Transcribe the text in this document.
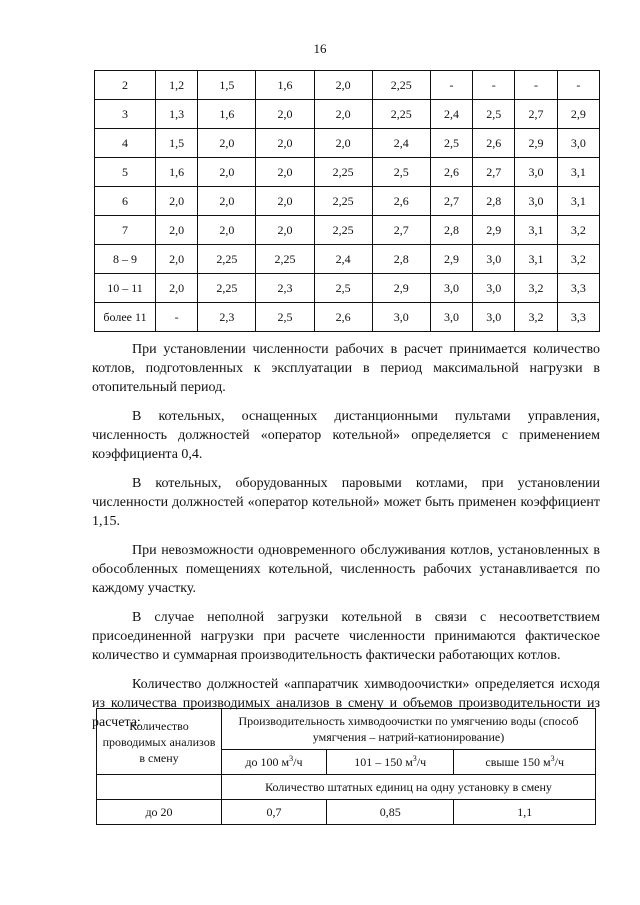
16
2	1,2	1,5	1,6	2,0	2,25	-	-	-	-
3	1,3	1,6	2,0	2,0	2,25	2,4	2,5	2,7	2,9
4	1,5	2,0	2,0	2,0	2,4	2,5	2,6	2,9	3,0
5	1,6	2,0	2,0	2,25	2,5	2,6	2,7	3,0	3,1
6	2,0	2,0	2,0	2,25	2,6	2,7	2,8	3,0	3,1
7	2,0	2,0	2,0	2,25	2,7	2,8	2,9	3,1	3,2
8 – 9	2,0	2,25	2,25	2,4	2,8	2,9	3,0	3,1	3,2
10 – 11	2,0	2,25	2,3	2,5	2,9	3,0	3,0	3,2	3,3
более 11	-	2,3	2,5	2,6	3,0	3,0	3,0	3,2	3,3

При установлении численности рабочих в расчет принимается количество котлов, подготовленных к эксплуатации в период максимальной нагрузки в отопительный период.

В котельных, оснащенных дистанционными пультами управления, численность должностей «оператор котельной» определяется с применением коэффициента 0,4.

В котельных, оборудованных паровыми котлами, при установлении численности должностей «оператор котельной» может быть применен коэффициент 1,15.

При невозможности одновременного обслуживания котлов, установленных в обособленных помещениях котельной, численность рабочих устанавливается по каждому участку.

В случае неполной загрузки котельной в связи с несоответствием присоединенной нагрузки при расчете численности принимаются фактическое количество и суммарная производительность фактически работающих котлов.

Количество должностей «аппаратчик химводоочистки» определяется исходя из количества производимых анализов в смену и объемов производительности из расчета:

Количество проводимых анализов в смену	Производительность химводоочистки по умягчению воды (способ умягчения – натрий-катионирование)		
	до 100 $м^3/ч$	101 – 150 $м^3/ч$	свыше 150 $м^3/ч$
	Количество штатных единиц на одну установку в смену		
до 20	0,7	0,85	1,1
